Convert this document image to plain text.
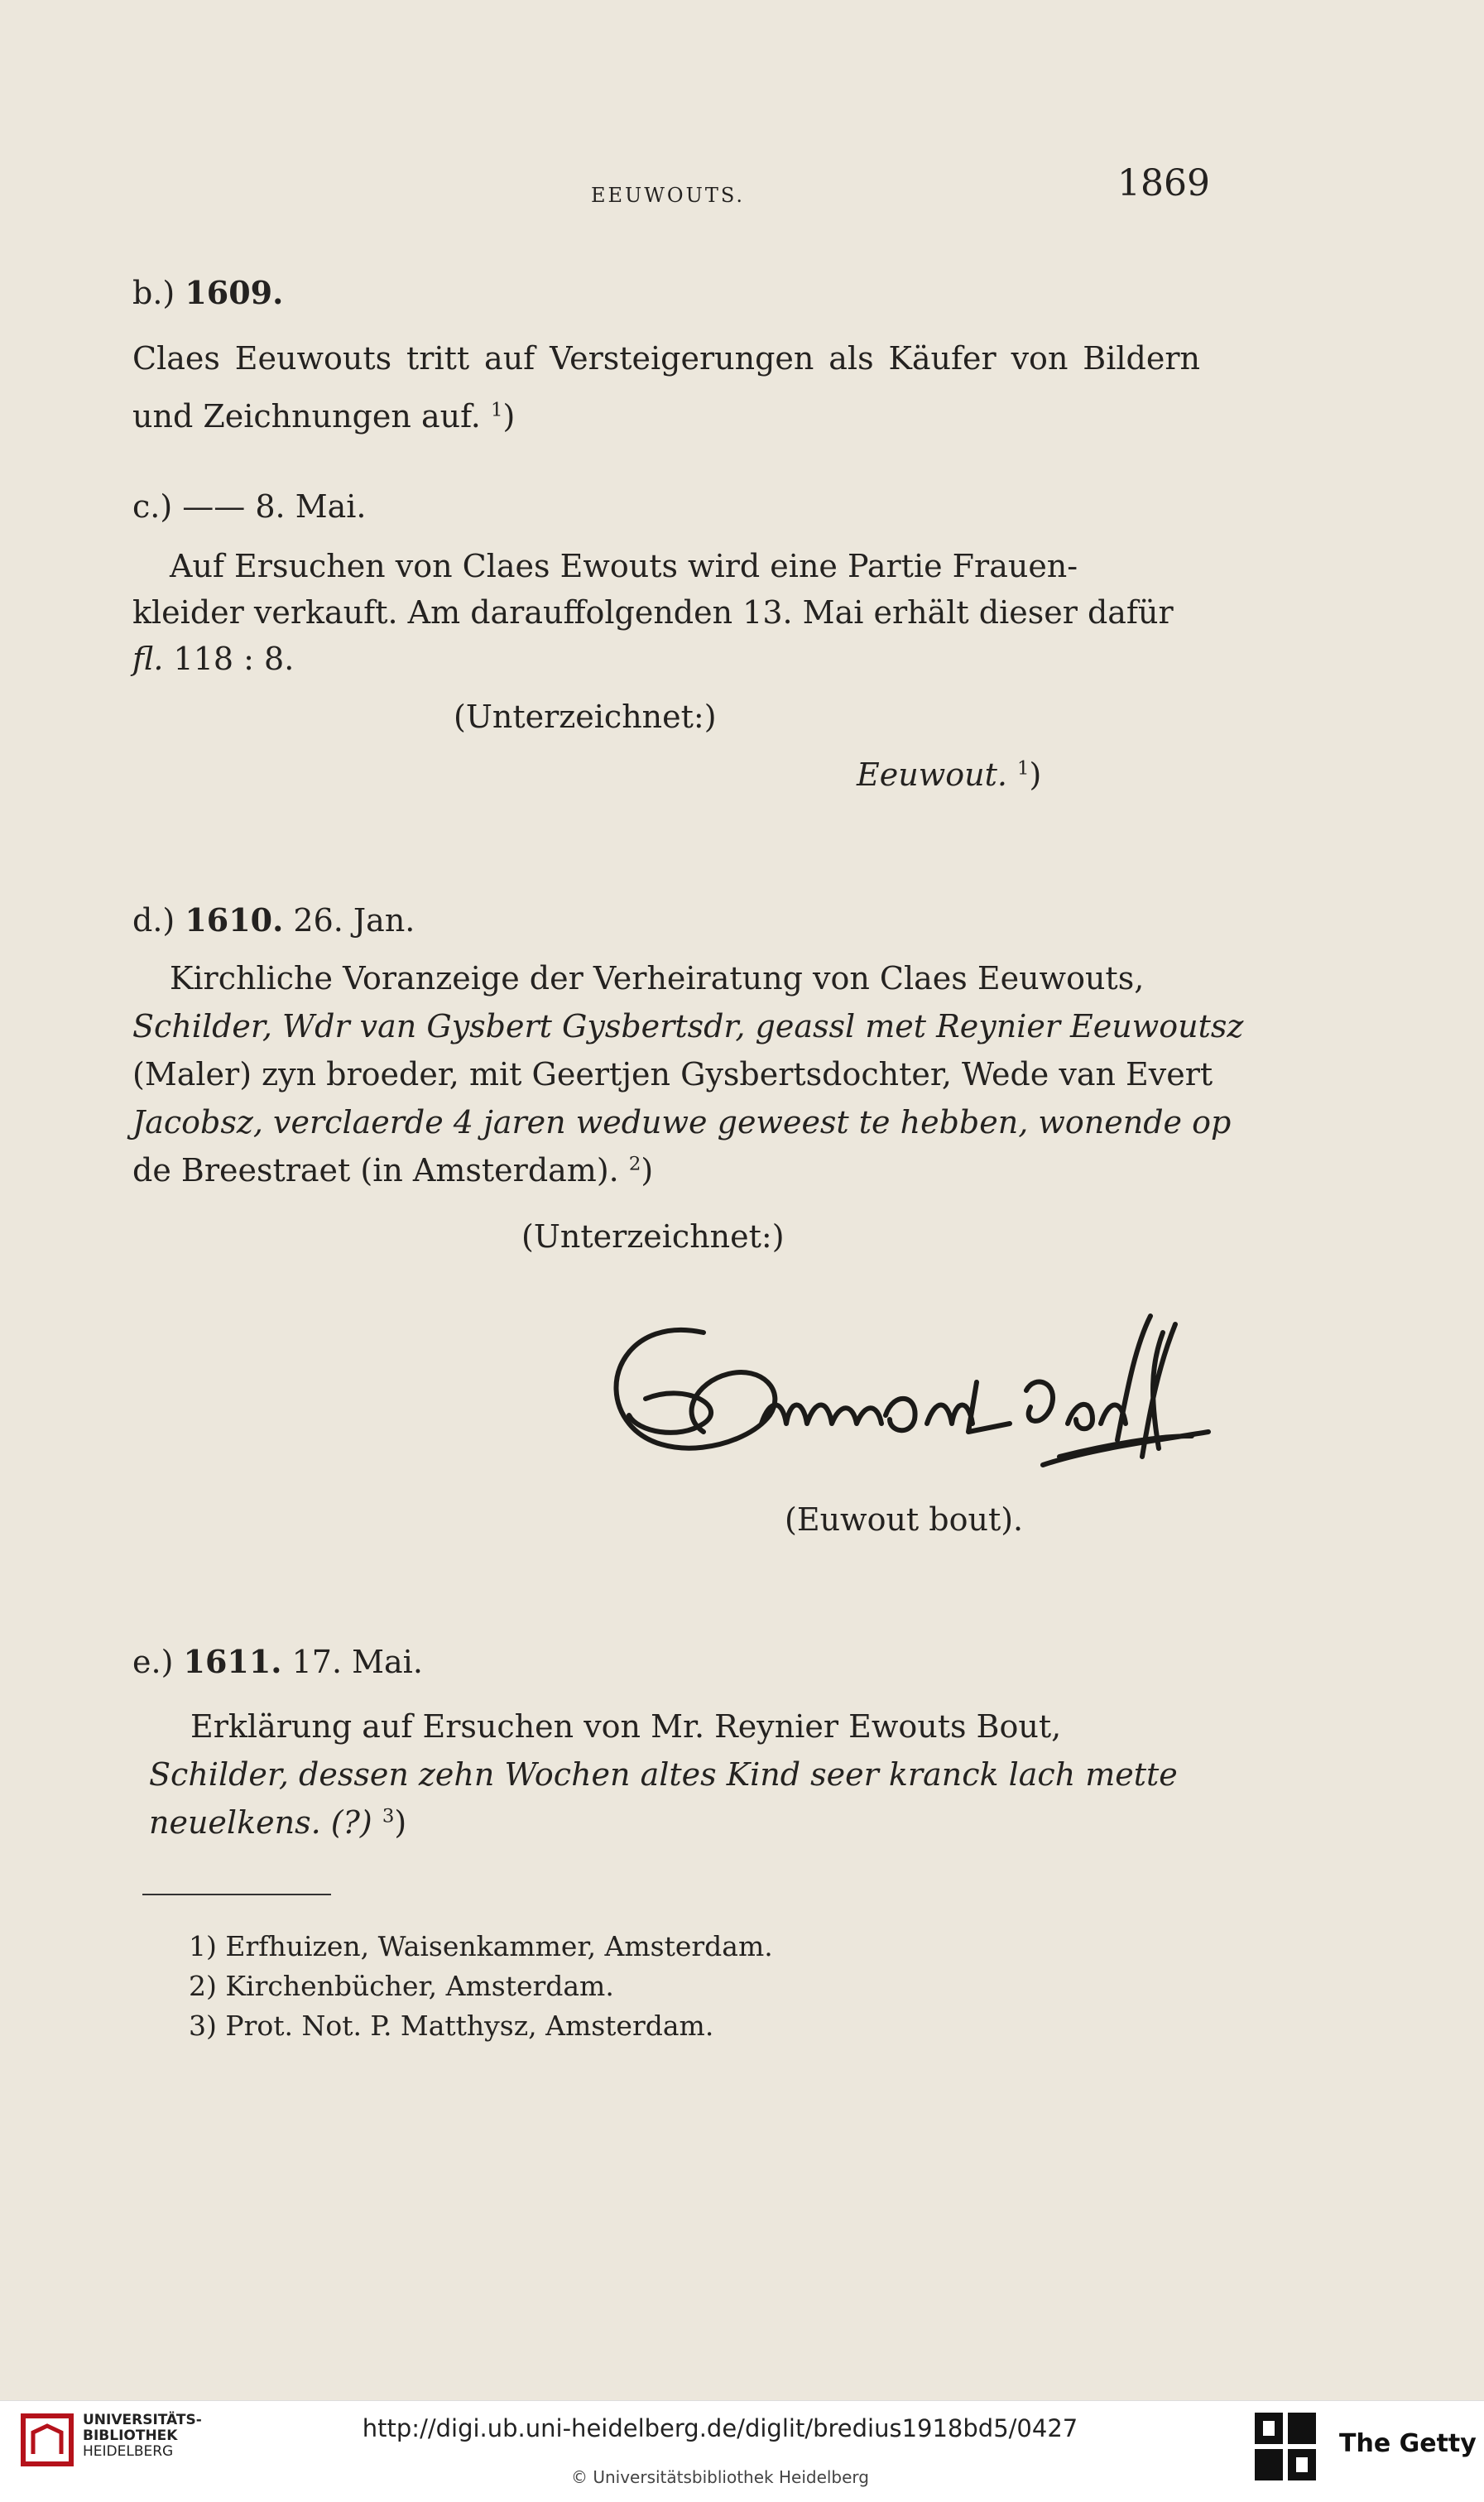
EEUWOUTS.	1869
b.) 1609.
Claes Eeuwouts tritt auf Versteigerungen als Käufer von Bildern und Zeichnungen auf. $^1$)
c.) —— 8. Mai.
Auf Ersuchen von Claes Ewouts wird eine Partie Frauen-
kleider verkauft. Am darauffolgenden 13. Mai erhält dieser dafür
fl. 118 : 8.
(Unterzeichnet:)
Eeuwout. $^1$)
d.) 1610. 26. Jan.
Kirchliche Voranzeige der Verheiratung von Claes Eeuwouts,
Schilder, Wdr van Gysbert Gysbertsdr, geassl met Reynier Eeuwoutsz
(Maler) zyn broeder, mit Geertjen Gysbertsdochter, Wede van Evert
Jacobsz, verclaerde 4 jaren weduwe geweest te hebben, wonende op
de Breestraet (in Amsterdam). $^2$)
(Unterzeichnet:)
(Euwout bout).
e.) 1611. 17. Mai.
Erklärung auf Ersuchen von Mr. Reynier Ewouts Bout,
Schilder, dessen zehn Wochen altes Kind seer kranck lach mette
neuelkens. (?) $^3$)
1) Erfhuizen, Waisenkammer, Amsterdam.
2) Kirchenbücher, Amsterdam.
3) Prot. Not. P. Matthysz, Amsterdam.
UNIVERSITÄTS-
BIBLIOTHEK
HEIDELBERG
http://digi.ub.uni-heidelberg.de/diglit/bredius1918bd5/0427
© Universitätsbibliothek Heidelberg
The Getty
